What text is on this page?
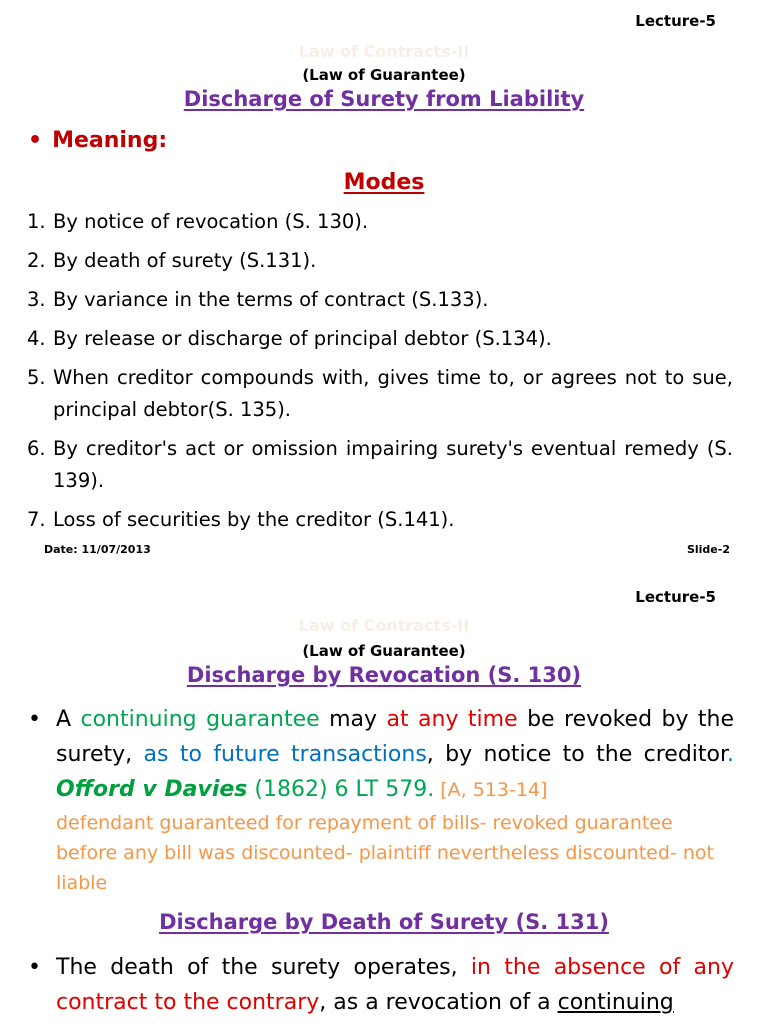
Lecture-5
Law of Contracts-II
(Law of Guarantee)
Discharge of Surety from Liability
• Meaning:
Modes
1. By notice of revocation (S. 130).
2. By death of surety (S.131).
3. By variance in the terms of contract (S.133).
4. By release or discharge of principal debtor (S.134).
5. When creditor compounds with, gives time to, or agrees not to sue, principal debtor(S. 135).
6. By creditor's act or omission impairing surety's eventual remedy (S. 139).
7. Loss of securities by the creditor (S.141).
Date: 11/07/2013	Slide-2
Lecture-5
Law of Contracts-II
(Law of Guarantee)
Discharge by Revocation (S. 130)
• A continuing guarantee may at any time be revoked by the surety, as to future transactions, by notice to the creditor. Offord v Davies (1862) 6 LT 579. [A, 513-14]
defendant guaranteed for repayment of bills- revoked guarantee before any bill was discounted- plaintiff nevertheless discounted- not liable
Discharge by Death of Surety (S. 131)
• The death of the surety operates, in the absence of any contract to the contrary, as a revocation of a continuing
